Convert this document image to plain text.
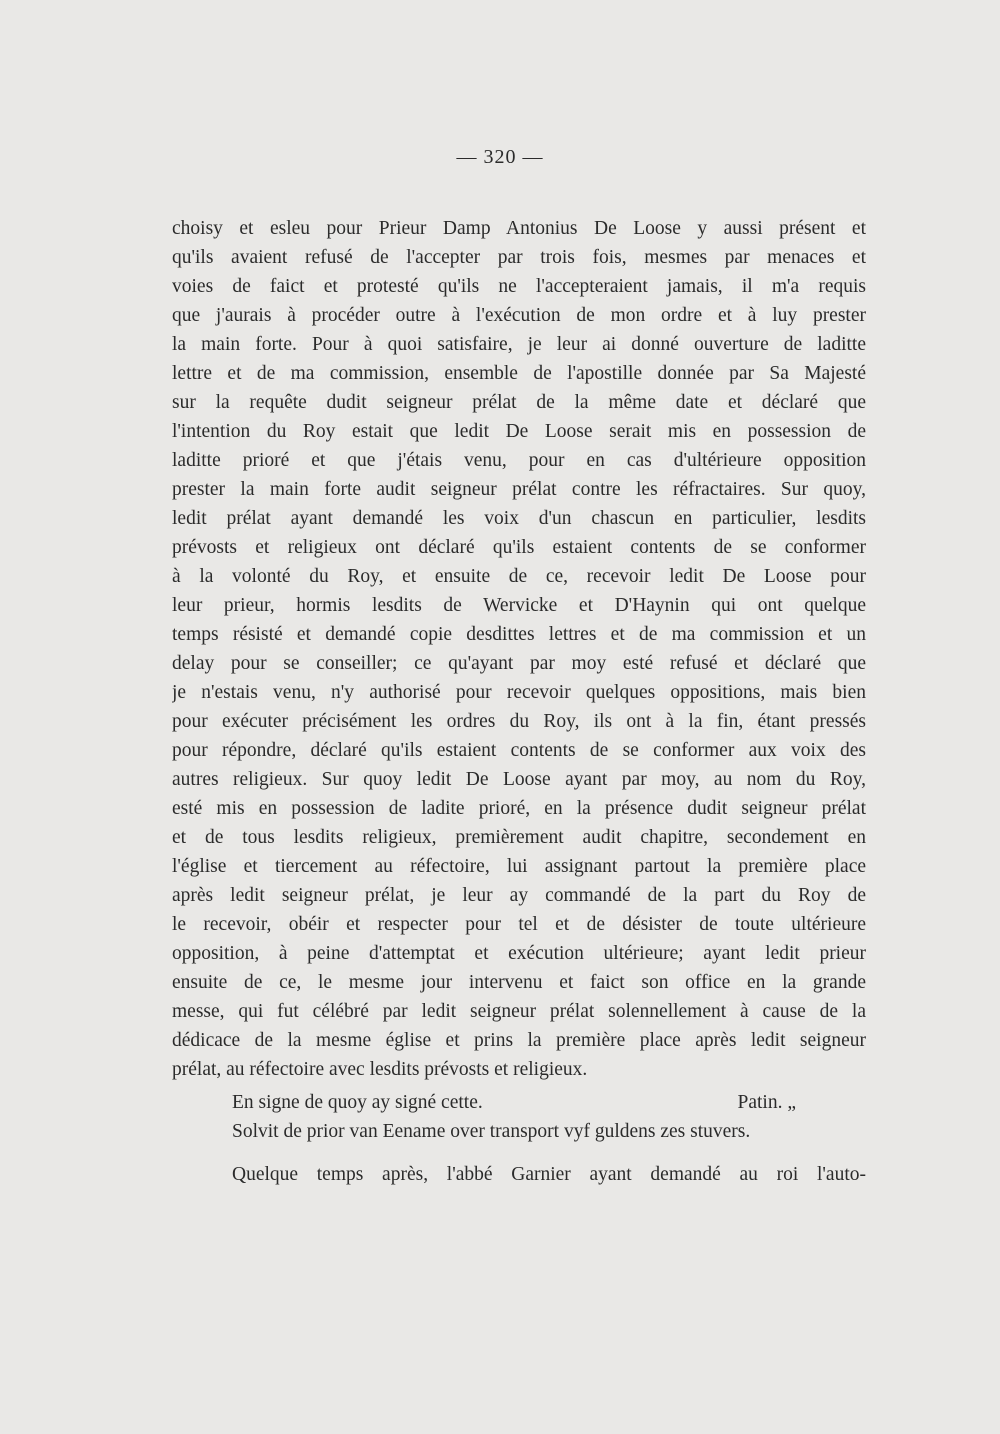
— 320 —
choisy et esleu pour Prieur Damp Antonius De Loose y aussi présent et
qu'ils avaient refusé de l'accepter par trois fois, mesmes par menaces et
voies de faict et protesté qu'ils ne l'accepteraient jamais, il m'a requis
que j'aurais à procéder outre à l'exécution de mon ordre et à luy prester
la main forte. Pour à quoi satisfaire, je leur ai donné ouverture de laditte
lettre et de ma commission, ensemble de l'apostille donnée par Sa Majesté
sur la requête dudit seigneur prélat de la même date et déclaré que
l'intention du Roy estait que ledit De Loose serait mis en possession de
laditte prioré et que j'étais venu, pour en cas d'ultérieure opposition
prester la main forte audit seigneur prélat contre les réfractaires. Sur quoy,
ledit prélat ayant demandé les voix d'un chascun en particulier, lesdits
prévosts et religieux ont déclaré qu'ils estaient contents de se conformer
à la volonté du Roy, et ensuite de ce, recevoir ledit De Loose pour
leur prieur, hormis lesdits de Wervicke et D'Haynin qui ont quelque
temps résisté et demandé copie desdittes lettres et de ma commission et un
delay pour se conseiller; ce qu'ayant par moy esté refusé et déclaré que
je n'estais venu, n'y authorisé pour recevoir quelques oppositions, mais bien
pour exécuter précisément les ordres du Roy, ils ont à la fin, étant pressés
pour répondre, déclaré qu'ils estaient contents de se conformer aux voix des
autres religieux. Sur quoy ledit De Loose ayant par moy, au nom du Roy,
esté mis en possession de ladite prioré, en la présence dudit seigneur prélat
et de tous lesdits religieux, premièrement audit chapitre, secondement en
l'église et tiercement au réfectoire, lui assignant partout la première place
après ledit seigneur prélat, je leur ay commandé de la part du Roy de
le recevoir, obéir et respecter pour tel et de désister de toute ultérieure
opposition, à peine d'attemptat et exécution ultérieure; ayant ledit prieur
ensuite de ce, le mesme jour intervenu et faict son office en la grande
messe, qui fut célébré par ledit seigneur prélat solennellement à cause de la
dédicace de la mesme église et prins la première place après ledit seigneur
prélat, au réfectoire avec lesdits prévosts et religieux.
En signe de quoy ay signé cette.	Patin. „
Solvit de prior van Eename over transport vyf guldens zes stuvers.
Quelque temps après, l'abbé Garnier ayant demandé au roi l'auto-
